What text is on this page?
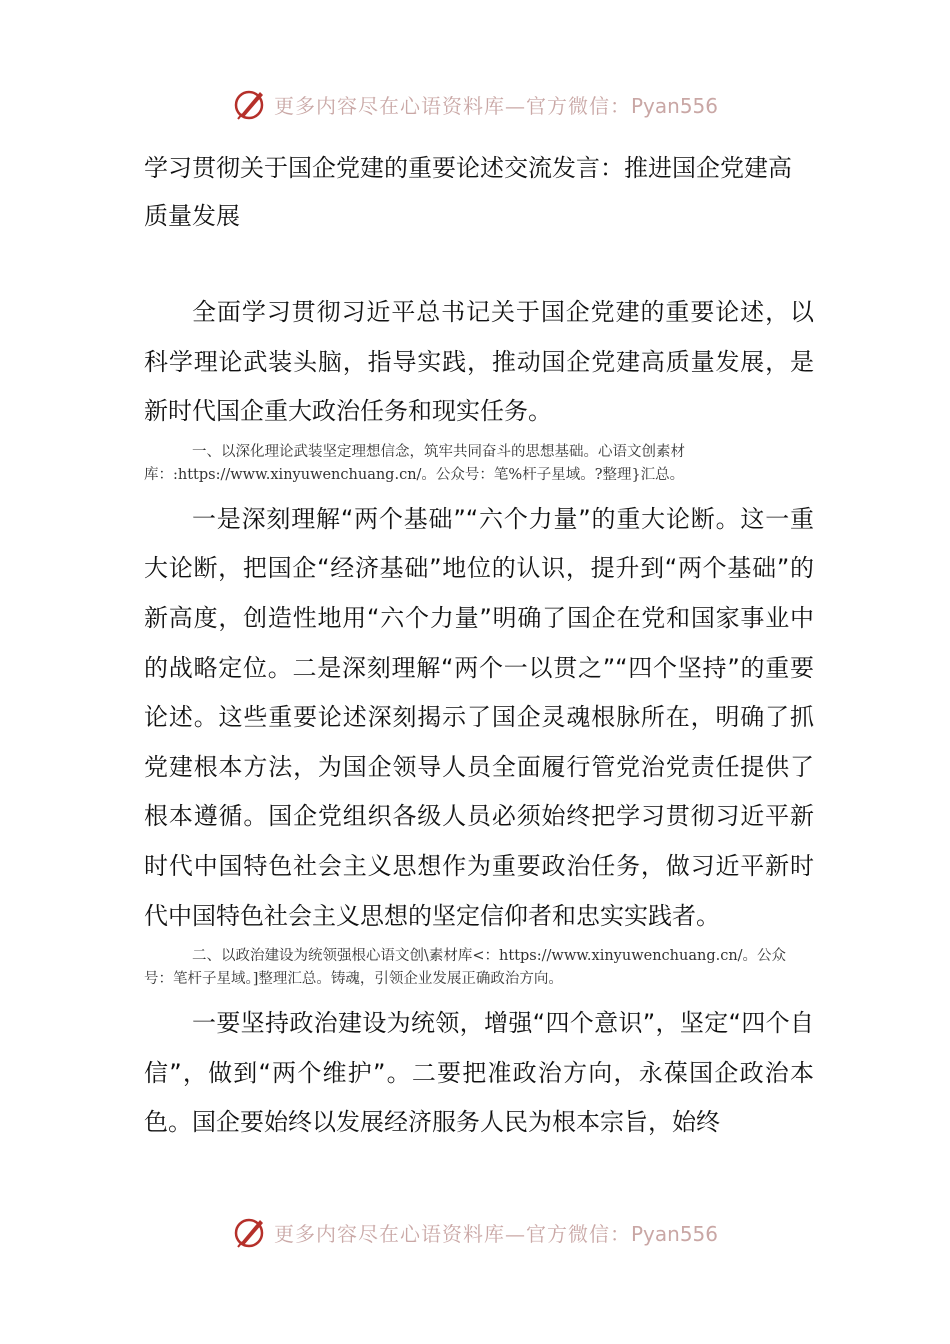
更多内容尽在心语资料库—官方微信：Pyan556
学习贯彻关于国企党建的重要论述交流发言：推进国企党建高质量发展

全面学习贯彻习近平总书记关于国企党建的重要论述，以科学理论武装头脑，指导实践，推动国企党建高质量发展，是新时代国企重大政治任务和现实任务。

一、以深化理论武装坚定理想信念，筑牢共同奋斗的思想基础。心语文创素材库：:https://www.xinyuwenchuang.cn/。公众号：笔%杆子星域。?整理}汇总。

一是深刻理解“两个基础”“六个力量”的重大论断。这一重大论断，把国企“经济基础”地位的认识，提升到“两个基础”的新高度，创造性地用“六个力量”明确了国企在党和国家事业中的战略定位。二是深刻理解“两个一以贯之”“四个坚持”的重要论述。这些重要论述深刻揭示了国企灵魂根脉所在，明确了抓党建根本方法，为国企领导人员全面履行管党治党责任提供了根本遵循。国企党组织各级人员必须始终把学习贯彻习近平新时代中国特色社会主义思想作为重要政治任务，做习近平新时代中国特色社会主义思想的坚定信仰者和忠实实践者。

二、以政治建设为统领强根心语文创\素材库<：https://www.xinyuwenchuang.cn/。公众号：笔杆子星域。]整理汇总。铸魂，引领企业发展正确政治方向。

一要坚持政治建设为统领，增强“四个意识”，坚定“四个自信”，做到“两个维护”。二要把准政治方向，永葆国企政治本色。国企要始终以发展经济服务人民为根本宗旨，始终

更多内容尽在心语资料库—官方微信：Pyan556
